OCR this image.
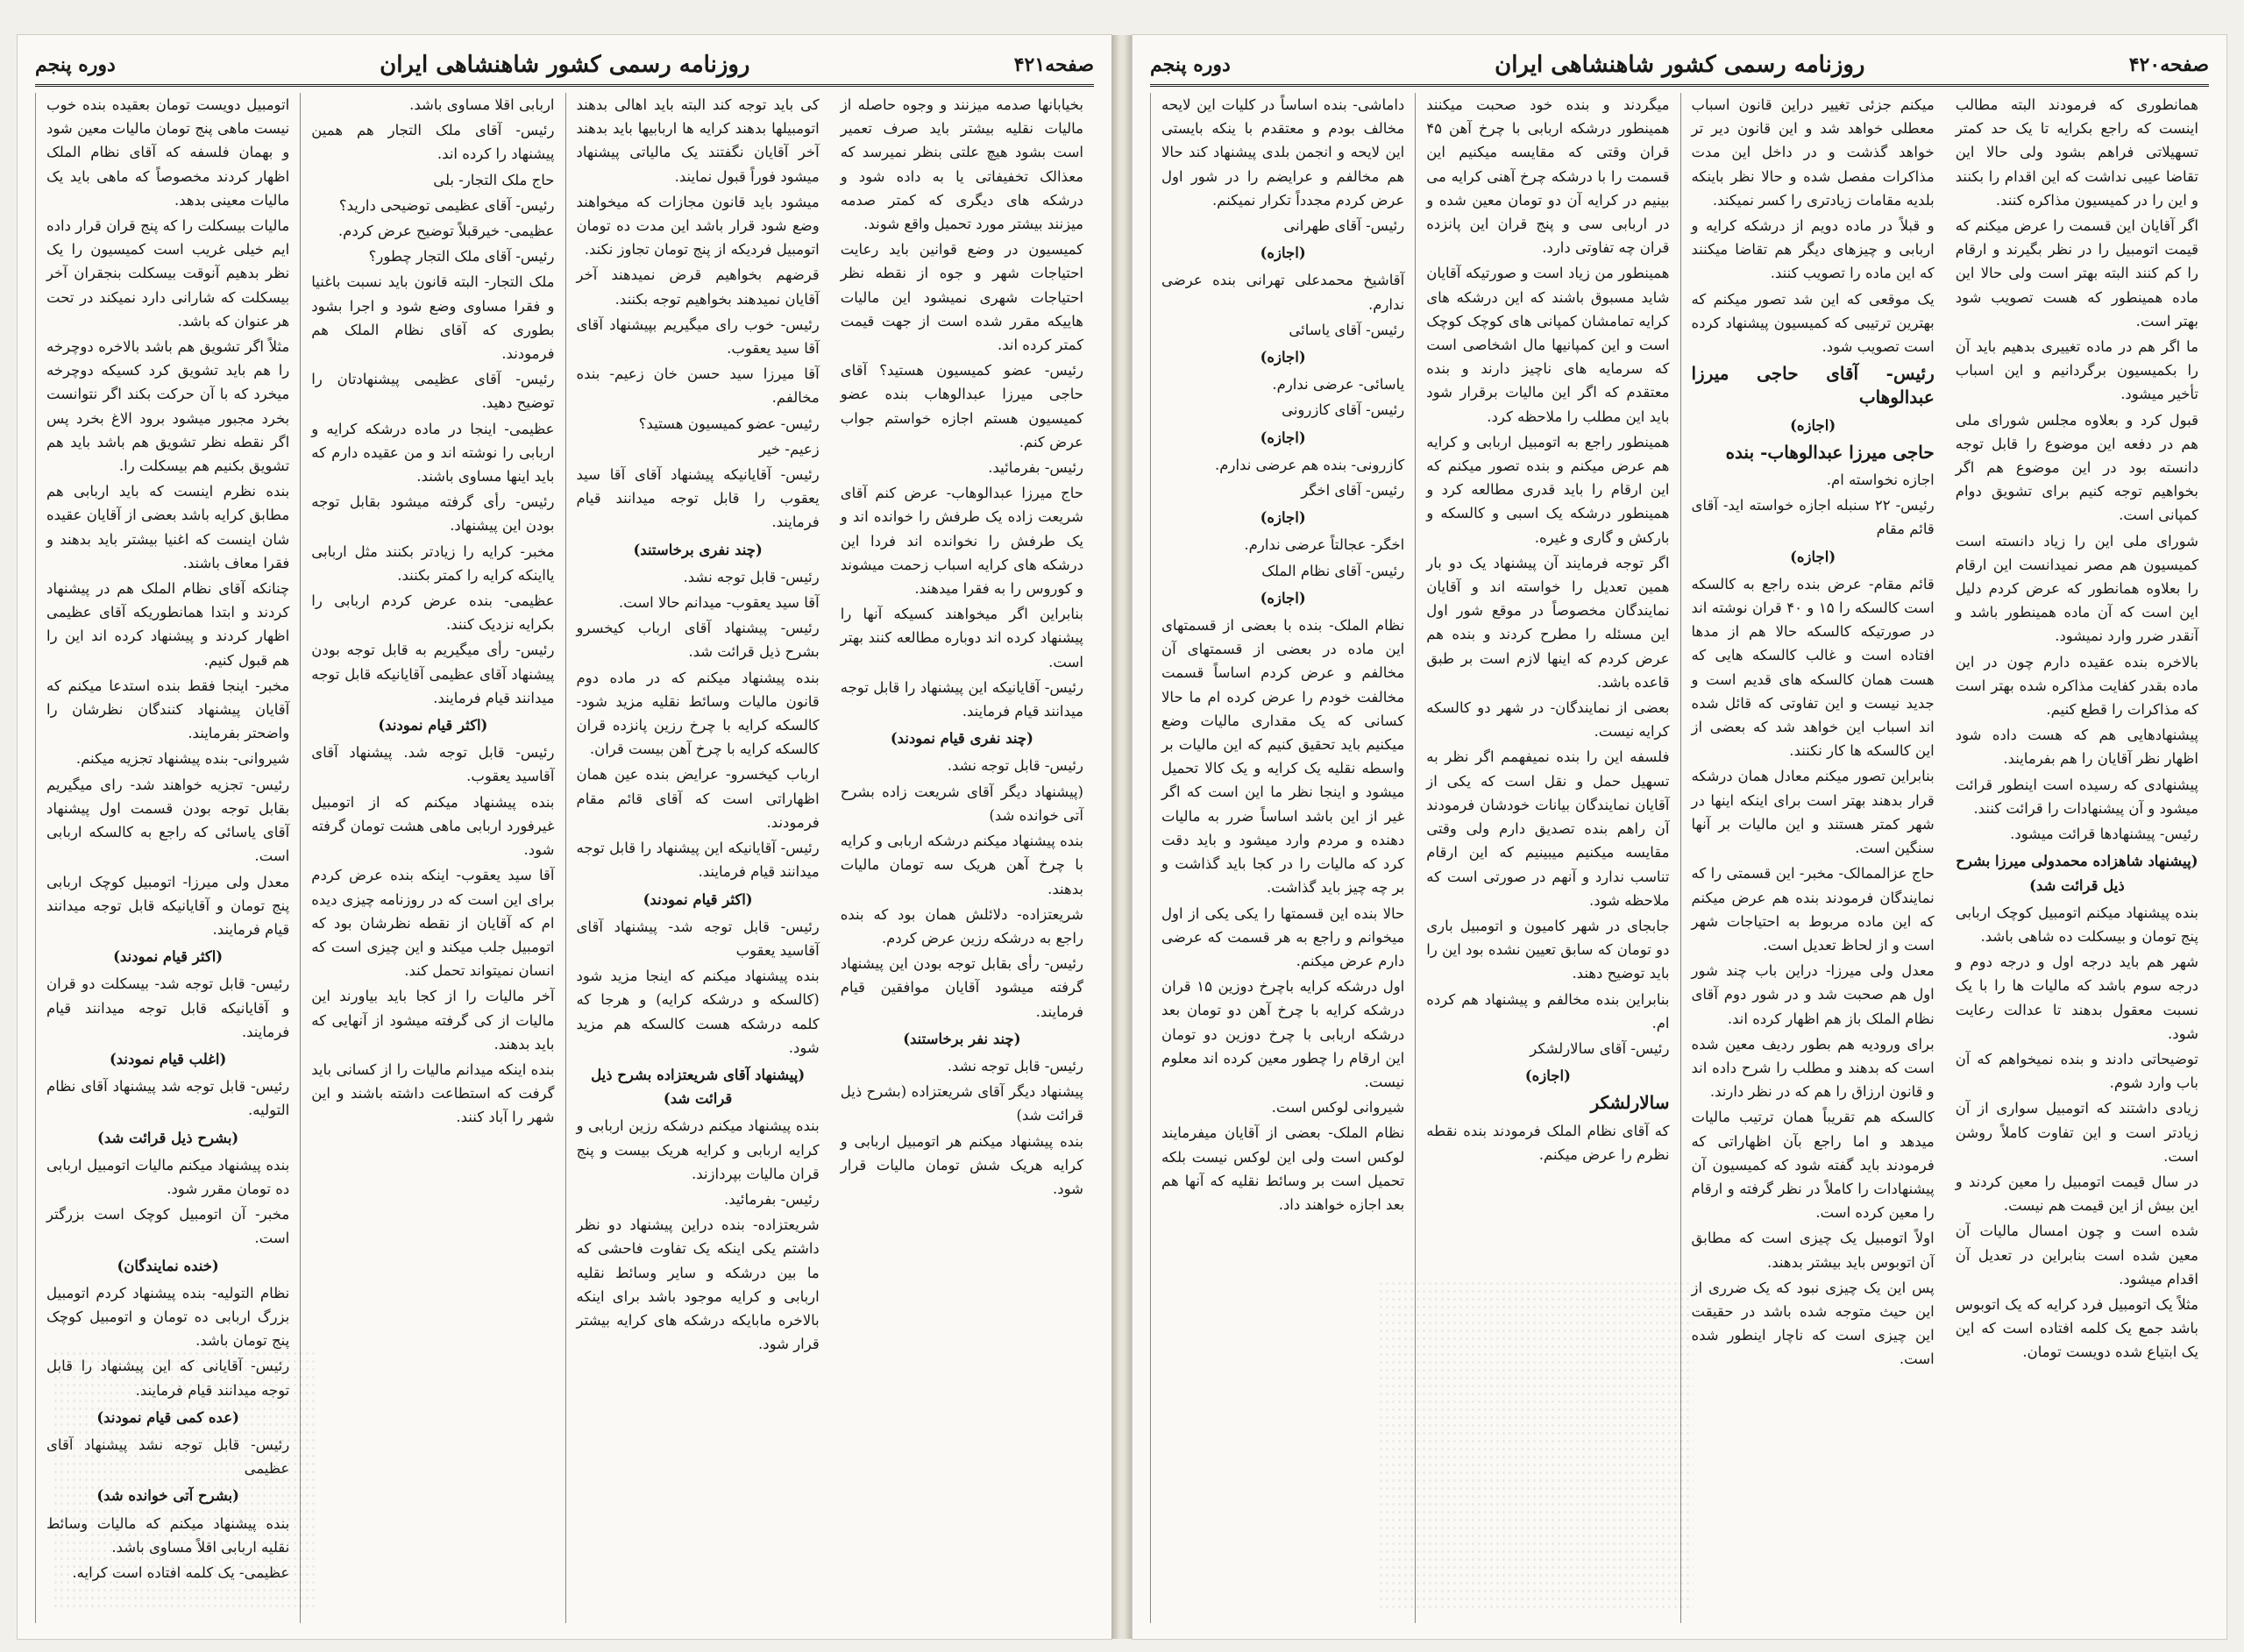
صفحه۴۲۱
روزنامه رسمی کشور شاهنشاهی ایران
دوره پنجم

اتومبیل دویست تومان بعقیده بنده خوب نیست ماهی پنج تومان مالیات معین شود و بهمان فلسفه که آقای نظام الملک اظهار کردند مخصوصاً که ماهی باید یک مالیات معینی بدهد.

مالیات بیسکلت را که پنج قران قرار داده ایم خیلی غریب است کمیسیون را یک نظر بدهیم آنوقت بیسکلت بنجقران آخر بیسکلت که شارانی دارد نمیکند در تحت هر عنوان که باشد.

مثلاً اگر تشویق هم باشد بالاخره دوچرخه را هم باید تشویق کرد کسیکه دوچرخه میخرد که با آن حرکت بکند اگر نتوانست بخرد مجبور میشود برود الاغ بخرد پس اگر نقطه نظر تشویق هم باشد باید هم تشویق بکنیم هم بیسکلت را.

بنده نظرم اینست که باید اربابی هم مطابق کرایه باشد بعضی از آقایان عقیده شان اینست که اغنیا بیشتر باید بدهند و فقرا معاف باشند.

چنانکه آقای نظام الملک هم در پیشنهاد کردند و ابتدا همانطوریکه آقای عظیمی اظهار کردند و پیشنهاد کرده اند این را هم قبول کنیم.

مخبر- اینجا فقط بنده استدعا میکنم که آقایان پیشنهاد کنندگان نظرشان را واضحتر بفرمایند.

شیروانی- بنده پیشنهاد تجزیه میکنم.

رئیس- تجزیه خواهند شد- رای میگیریم بقابل توجه بودن قسمت اول پیشنهاد آقای یاسائی که راجع به کالسکه اربابی است.

معدل ولی میرزا- اتومبیل کوچک اربابی پنج تومان و آقایانیکه قابل توجه میدانند قیام فرمایند.

(اکثر قیام نمودند)

رئیس- قابل توجه شد- بیسکلت دو قران و آقایانیکه قابل توجه میدانند قیام فرمایند.

(اغلب قیام نمودند)

رئیس- قابل توجه شد پیشنهاد آقای نظام التولیه.

(بشرح ذیل قرائت شد)

بنده پیشنهاد میکنم مالیات اتومبیل اربابی ده تومان مقرر شود.

مخبر- آن اتومبیل کوچک است بزرگتر است.

(خنده نمایندگان)

نظام التولیه- بنده پیشنهاد کردم اتومبیل بزرگ اربابی ده تومان و اتومبیل کوچک پنج تومان باشد.

رئیس- آقایانی که این پیشنهاد را قابل توجه میدانند قیام فرمایند.

(عده کمی قیام نمودند)

رئیس- قابل توجه نشد پیشنهاد آقای عظیمی

(بشرح آتی خوانده شد)

بنده پیشنهاد میکنم که مالیات وسائط نقلیه اربابی اقلاً مساوی باشد.

عظیمی- یک کلمه افتاده است کرایه.

اربابی اقلا مساوی باشد.

رئیس- آقای ملک التجار هم همین پیشنهاد را کرده اند.

حاج ملک التجار- بلی

رئیس- آقای عظیمی توضیحی دارید؟

عظیمی- خیرقبلاً توضیح عرض کردم.

رئیس- آقای ملک التجار چطور؟

ملک التجار- البته قانون باید نسبت باغنیا و فقرا مساوی وضع شود و اجرا بشود بطوری که آقای نظام الملک هم فرمودند.

رئیس- آقای عظیمی پیشنهادتان را توضیح دهید.

عظیمی- اینجا در ماده درشکه کرایه و اربابی را نوشته اند و من عقیده دارم که باید اینها مساوی باشند.

رئیس- رأی گرفته میشود بقابل توجه بودن این پیشنهاد.

مخبر- کرایه را زیادتر بکنند مثل اربابی یااینکه کرایه را کمتر بکنند.

عظیمی- بنده عرض کردم اربابی را بکرایه نزدیک کنند.

رئیس- رأی میگیریم به قابل توجه بودن پیشنهاد آقای عظیمی آقایانیکه قابل توجه میدانند قیام فرمایند.

(اکثر قیام نمودند)

رئیس- قابل توجه شد. پیشنهاد آقای آقاسید یعقوب.

بنده پیشنهاد میکنم که از اتومبیل غیرفورد اربابی ماهی هشت تومان گرفته شود.

آقا سید یعقوب- اینکه بنده عرض کردم برای این است که در روزنامه چیزی دیده ام که آقایان از نقطه نظرشان بود که اتومبیل جلب میکند و این چیزی است که انسان نمیتواند تحمل کند.

آخر مالیات را از کجا باید بیاورند این مالیات از کی گرفته میشود از آنهایی که باید بدهند.

بنده اینکه میدانم مالیات را از کسانی باید گرفت که استطاعت داشته باشند و این شهر را آباد کنند.

کی باید توجه کند البته باید اهالی بدهند اتومبیلها بدهند کرایه ها اربابیها باید بدهند آخر آقایان نگفتند یک مالیاتی پیشنهاد میشود فوراً قبول نمایند.

میشود باید قانون مجازات که میخواهند وضع شود قرار باشد این مدت ده تومان اتومبیل فردیکه از پنج تومان تجاوز نکند.

قرضهم بخواهیم قرض نمیدهند آخر آقایان نمیدهند بخواهیم توجه بکنند.

رئیس- خوب رای میگیریم بپیشنهاد آقای آقا سید یعقوب.

آقا میرزا سید حسن خان زعیم- بنده مخالفم.

رئیس- عضو کمیسیون هستید؟

زعیم- خیر

رئیس- آقایانیکه پیشنهاد آقای آقا سید یعقوب را قابل توجه میدانند قیام فرمایند.

(چند نفری برخاستند)

رئیس- قابل توجه نشد.

آقا سید یعقوب- میدانم حالا است.

رئیس- پیشنهاد آقای ارباب کیخسرو بشرح ذیل قرائت شد.

بنده پیشنهاد میکنم که در ماده دوم قانون مالیات وسائط نقلیه مزید شود- کالسکه کرایه با چرخ رزین پانزده قران کالسکه کرایه با چرخ آهن بیست قران.

ارباب کیخسرو- عرایض بنده عین همان اظهاراتی است که آقای قائم مقام فرمودند.

رئیس- آقایانیکه این پیشنهاد را قابل توجه میدانند قیام فرمایند.

(اکثر قیام نمودند)

رئیس- قابل توجه شد- پیشنهاد آقای آقاسید یعقوب

بنده پیشنهاد میکنم که اینجا مزید شود (کالسکه و درشکه کرایه) و هرجا که کلمه درشکه هست کالسکه هم مزید شود.

(پیشنهاد آقای شریعتزاده بشرح ذیل قرائت شد)

بنده پیشنهاد میکنم درشکه رزین اربابی و کرایه اربابی و کرایه هریک بیست و پنج قران مالیات بپردازند.

رئیس- بفرمائید.

شریعتزاده- بنده دراین پیشنهاد دو نظر داشتم یکی اینکه یک تفاوت فاحشی که ما بین درشکه و سایر وسائط نقلیه اربابی و کرایه موجود باشد برای اینکه بالاخره مابایکه درشکه های کرایه بیشتر قرار شود.

بخیابانها صدمه میزنند و وجوه حاصله از مالیات نقلیه بیشتر باید صرف تعمیر است بشود هیچ علتی بنظر نمیرسد که معذالک تخفیفاتی یا به داده شود و درشکه های دیگری که کمتر صدمه میزنند بیشتر مورد تحمیل واقع شوند.

کمیسیون در وضع قوانین باید رعایت احتیاجات شهر و جوه از نقطه نظر احتیاجات شهری نمیشود این مالیات هاییکه مقرر شده است از جهت قیمت کمتر کرده اند.

رئیس- عضو کمیسیون هستید؟ آقای حاجی میرزا عبدالوهاب بنده عضو کمیسیون هستم اجازه خواستم جواب عرض کنم.

رئیس- بفرمائید.

حاج میرزا عبدالوهاب- عرض کنم آقای شریعت زاده یک طرفش را خوانده اند و یک طرفش را نخوانده اند فردا این درشکه های کرایه اسباب زحمت میشوند و کوروس را به فقرا میدهند.

بنابراین اگر میخواهند کسیکه آنها را پیشنهاد کرده اند دوباره مطالعه کنند بهتر است.

رئیس- آقایانیکه این پیشنهاد را قابل توجه میدانند قیام فرمایند.

(چند نفری قیام نمودند)

رئیس- قابل توجه نشد.

(پیشنهاد دیگر آقای شریعت زاده بشرح آتی خوانده شد)

بنده پیشنهاد میکنم درشکه اربابی و کرایه با چرخ آهن هریک سه تومان مالیات بدهند.

شریعتزاده- دلائلش همان بود که بنده راجع به درشکه رزین عرض کردم.

رئیس- رأی بقابل توجه بودن این پیشنهاد گرفته میشود آقایان موافقین قیام فرمایند.

(چند نفر برخاستند)

رئیس- قابل توجه نشد.

پیشنهاد دیگر آقای شریعتزاده (بشرح ذیل قرائت شد)

بنده پیشنهاد میکنم هر اتومبیل اربابی و کرایه هریک شش تومان مالیات قرار شود.

صفحه۴۲۰
روزنامه رسمی کشور شاهنشاهی ایران
دوره پنجم

داماشی- بنده اساساً در کلیات این لایحه مخالف بودم و معتقدم با ینکه بایستی این لایحه و انجمن بلدی پیشنهاد کند حالا هم مخالفم و عرایضم را در شور اول عرض کردم مجدداً تکرار نمیکنم.

رئیس- آقای طهرانی

(اجازه)

آقاشیخ محمدعلی تهرانی بنده عرضی ندارم.

رئیس- آقای یاسائی

(اجازه)

یاسائی- عرضی ندارم.

رئیس- آقای کازرونی

(اجازه)

کازرونی- بنده هم عرضی ندارم.

رئیس- آقای اخگر

(اجازه)

اخگر- عجالتاً عرضی ندارم.

رئیس- آقای نظام الملک

(اجازه)

نظام الملک- بنده با بعضی از قسمتهای این ماده در بعضی از قسمتهای آن مخالفم و عرض کردم اساساً قسمت مخالفت خودم را عرض کرده ام ما حالا کسانی که یک مقداری مالیات وضع میکنیم باید تحقیق کنیم که این مالیات بر واسطه نقلیه یک کرایه و یک کالا تحمیل میشود و اینجا نظر ما این است که اگر غیر از این باشد اساساً ضرر به مالیات دهنده و مردم وارد میشود و باید دقت کرد که مالیات را در کجا باید گذاشت و بر چه چیز باید گذاشت.

حالا بنده این قسمتها را یکی یکی از اول میخوانم و راجع به هر قسمت که عرضی دارم عرض میکنم.

اول درشکه کرایه باچرخ دوزین ۱۵ قران درشکه کرایه با چرخ آهن دو تومان بعد درشکه اربابی با چرخ دوزین دو تومان این ارقام را چطور معین کرده اند معلوم نیست.

شیروانی لوکس است.

نظام الملک- بعضی از آقایان میفرمایند لوکس است ولی این لوکس نیست بلکه تحمیل است بر وسائط نقلیه که آنها هم بعد اجازه خواهند داد.

میگردند و بنده خود صحبت میکنند همینطور درشکه اربابی با چرخ آهن ۴۵ قران وقتی که مقایسه میکنیم این قسمت را با درشکه چرخ آهنی کرایه می بینیم در کرایه آن دو تومان معین شده و در اربابی سی و پنج قران این پانزده قران چه تفاوتی دارد.

همینطور من زیاد است و صورتیکه آقایان شاید مسبوق باشند که این درشکه های کرایه تمامشان کمپانی های کوچک کوچک است و این کمپانیها مال اشخاصی است که سرمایه های ناچیز دارند و بنده معتقدم که اگر این مالیات برقرار شود باید این مطلب را ملاحظه کرد.

همینطور راجع به اتومبیل اربابی و کرایه هم عرض میکنم و بنده تصور میکنم که این ارقام را باید قدری مطالعه کرد و همینطور درشکه یک اسبی و کالسکه و بارکش و گاری و غیره.

اگر توجه فرمایند آن پیشنهاد یک دو بار همین تعدیل را خواسته اند و آقایان نمایندگان مخصوصاً در موقع شور اول این مسئله را مطرح کردند و بنده هم عرض کردم که اینها لازم است بر طبق قاعده باشد.

بعضی از نمایندگان- در شهر دو کالسکه کرایه نیست.

فلسفه این را بنده نمیفهمم اگر نظر به تسهیل حمل و نقل است که یکی از آقایان نمایندگان بیانات خودشان فرمودند آن راهم بنده تصدیق دارم ولی وقتی مقایسه میکنیم میبینیم که این ارقام تناسب ندارد و آنهم در صورتی است که ملاحظه شود.

جابجای در شهر کامیون و اتومبیل باری دو تومان که سابق تعیین نشده بود این را باید توضیح دهند.

بنابراین بنده مخالفم و پیشنهاد هم کرده ام.

رئیس- آقای سالارلشکر

(اجازه)

سالارلشکر

که آقای نظام الملک فرمودند بنده نقطه نظرم را عرض میکنم.

میکنم جزئی تغییر دراین قانون اسباب معطلی خواهد شد و این قانون دیر تر خواهد گذشت و در داخل این مدت مذاکرات مفصل شده و حالا نظر باینکه بلدیه مقامات زیادتری را کسر نمیکند.

و قبلاً در ماده دویم از درشکه کرایه و اربابی و چیزهای دیگر هم تقاضا میکنند که این ماده را تصویب کنند.

یک موقعی که این شد تصور میکنم که بهترین ترتیبی که کمیسیون پیشنهاد کرده است تصویب شود.

رئیس- آقای حاجی میرزا عبدالوهاب

(اجازه)

حاجی میرزا عبدالوهاب- بنده

اجازه نخواسته ام.

رئیس- ۲۲ سنبله اجازه خواسته اید- آقای قائم مقام

(اجازه)

قائم مقام- عرض بنده راجع به کالسکه است کالسکه را ۱۵ و ۴۰ قران نوشته اند در صورتیکه کالسکه حالا هم از مدها افتاده است و غالب کالسکه هایی که هست همان کالسکه های قدیم است و جدید نیست و این تفاوتی که قائل شده اند اسباب این خواهد شد که بعضی از این کالسکه ها کار نکنند.

بنابراین تصور میکنم معادل همان درشکه قرار بدهند بهتر است برای اینکه اینها در شهر کمتر هستند و این مالیات بر آنها سنگین است.

حاج عزالممالک- مخبر- این قسمتی را که نمایندگان فرمودند بنده هم عرض میکنم که این ماده مربوط به احتیاجات شهر است و از لحاظ تعدیل است.

معدل ولی میرزا- دراین باب چند شور اول هم صحبت شد و در شور دوم آقای نظام الملک باز هم اظهار کرده اند.

برای ورودیه هم بطور ردیف معین شده است که بدهند و مطلب را شرح داده اند و قانون ارزاق را هم که در نظر دارند.

کالسکه هم تقریباً همان ترتیب مالیات میدهد و اما راجع بآن اظهاراتی که فرمودند باید گفته شود که کمیسیون آن پیشنهادات را کاملاً در نظر گرفته و ارقام را معین کرده است.

اولاً اتومبیل یک چیزی است که مطابق آن اتوبوس باید بیشتر بدهند.

پس این یک چیزی نبود که یک ضرری از این حیث متوجه شده باشد در حقیقت این چیزی است که ناچار اینطور شده است.

همانطوری که فرمودند البته مطالب اینست که راجع بکرایه تا یک حد کمتر تسهیلاتی فراهم بشود ولی حالا این تقاضا عیبی نداشت که این اقدام را بکنند و این را در کمیسیون مذاکره کنند.

اگر آقایان این قسمت را عرض میکنم که قیمت اتومبیل را در نظر بگیرند و ارقام را کم کنند البته بهتر است ولی حالا این ماده همینطور که هست تصویب شود بهتر است.

ما اگر هم در ماده تغییری بدهیم باید آن را بکمیسیون برگردانیم و این اسباب تأخیر میشود.

قبول کرد و بعلاوه مجلس شورای ملی هم در دفعه این موضوع را قابل توجه دانسته بود در این موضوع هم اگر بخواهیم توجه کنیم برای تشویق دوام کمپانی است.

شورای ملی این را زیاد دانسته است کمیسیون هم مصر نمیدانست این ارقام را بعلاوه همانطور که عرض کردم دلیل این است که آن ماده همینطور باشد و آنقدر ضرر وارد نمیشود.

بالاخره بنده عقیده دارم چون در این ماده بقدر کفایت مذاکره شده بهتر است که مذاکرات را قطع کنیم.

پیشنهادهایی هم که هست داده شود اظهار نظر آقایان را هم بفرمایند.

پیشنهادی که رسیده است اینطور قرائت میشود و آن پیشنهادات را قرائت کنند.

رئیس- پیشنهادها قرائت میشود.

(پیشنهاد شاهزاده محمدولی میرزا بشرح ذیل قرائت شد)

بنده پیشنهاد میکنم اتومبیل کوچک اربابی پنج تومان و بیسکلت ده شاهی باشد.

شهر هم باید درجه اول و درجه دوم و درجه سوم باشد که مالیات ها را با یک نسبت معقول بدهند تا عدالت رعایت شود.

توضیحاتی دادند و بنده نمیخواهم که آن باب وارد شوم.

زیادی داشتند که اتومبیل سواری از آن زیادتر است و این تفاوت کاملاً روشن است.

در سال قیمت اتومبیل را معین کردند و این بیش از این قیمت هم نیست.

شده است و چون امسال مالیات آن معین شده است بنابراین در تعدیل آن اقدام میشود.

مثلاً یک اتومبیل فرد کرایه که یک اتوبوس باشد جمع یک کلمه افتاده است که این یک ابتیاع شده دویست تومان.
